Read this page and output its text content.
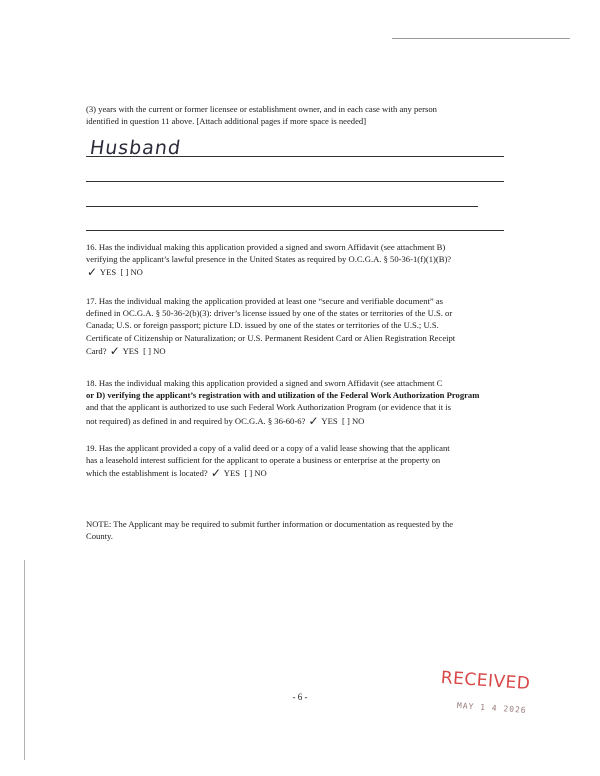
(3) years with the current or former licensee or establishment owner, and in each case with any person
identified in question 11 above. [Attach additional pages if more space is needed]
Husband
16. Has the individual making this application provided a signed and sworn Affidavit (see attachment B)
verifying the applicant’s lawful presence in the United States as required by O.C.G.A. § 50-36-1(f)(1)(B)?
✓ YES [ ] NO
17. Has the individual making the application provided at least one “secure and verifiable document” as
defined in OC.G.A. § 50-36-2(b)(3): driver’s license issued by one of the states or territories of the U.S. or
Canada; U.S. or foreign passport; picture I.D. issued by one of the states or territories of the U.S.; U.S.
Certificate of Citizenship or Naturalization; or U.S. Permanent Resident Card or Alien Registration Receipt
Card? ✓ YES [ ] NO
18. Has the individual making this application provided a signed and sworn Affidavit (see attachment C
or D) verifying the applicant’s registration with and utilization of the Federal Work Authorization Program
and that the applicant is authorized to use such Federal Work Authorization Program (or evidence that it is
not required) as defined in and required by OC.G.A. § 36-60-6? ✓ YES [ ] NO
19. Has the applicant provided a copy of a valid deed or a copy of a valid lease showing that the applicant
has a leasehold interest sufficient for the applicant to operate a business or enterprise at the property on
which the establishment is located? ✓ YES [ ] NO
NOTE: The Applicant may be required to submit further information or documentation as requested by the
County.
- 6 -
RECEIVED
MAY 1 4 2026
